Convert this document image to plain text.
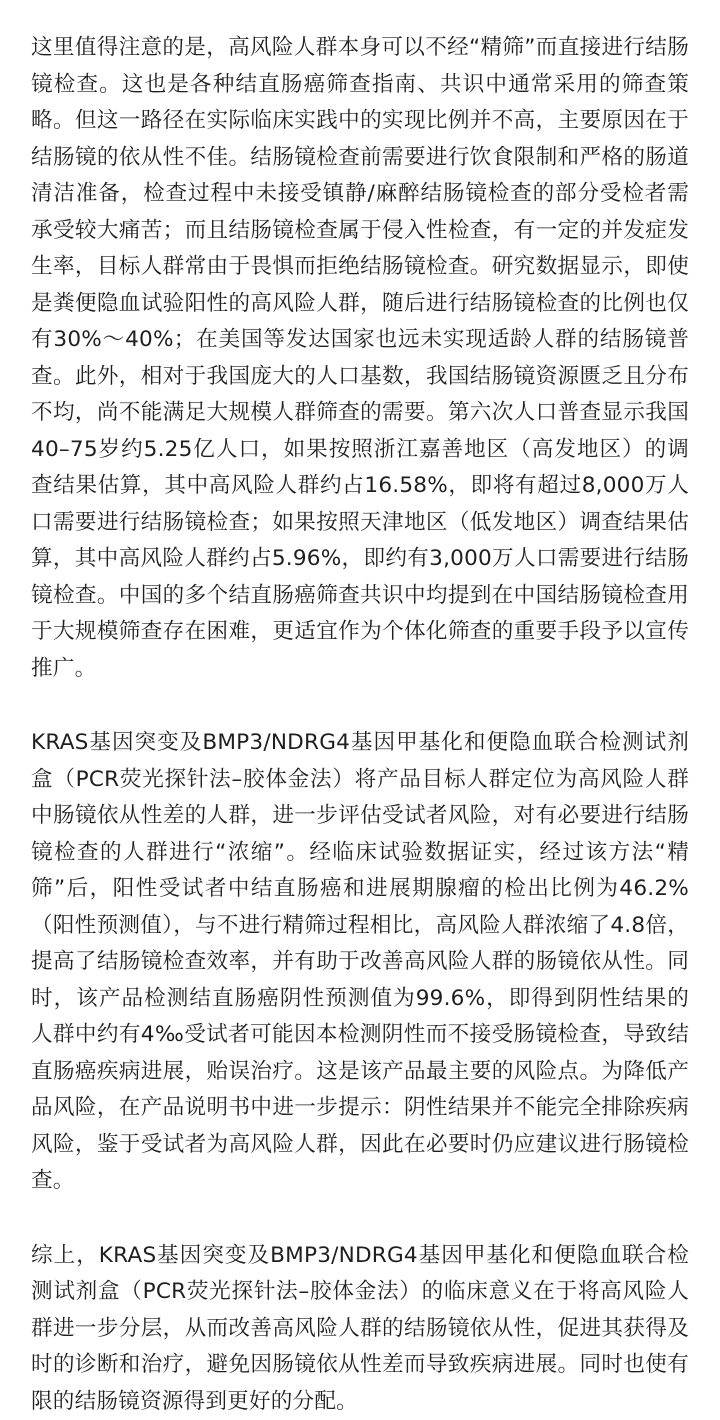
这里值得注意的是，高风险人群本身可以不经“精筛”而直接进行结肠镜检查。这也是各种结直肠癌筛查指南、共识中通常采用的筛查策略。但这一路径在实际临床实践中的实现比例并不高，主要原因在于结肠镜的依从性不佳。结肠镜检查前需要进行饮食限制和严格的肠道清洁准备，检查过程中未接受镇静/麻醉结肠镜检查的部分受检者需承受较大痛苦；而且结肠镜检查属于侵入性检查，有一定的并发症发生率，目标人群常由于畏惧而拒绝结肠镜检查。研究数据显示，即使是粪便隐血试验阳性的高风险人群，随后进行结肠镜检查的比例也仅有30%～40%；在美国等发达国家也远未实现适龄人群的结肠镜普查。此外，相对于我国庞大的人口基数，我国结肠镜资源匮乏且分布不均，尚不能满足大规模人群筛查的需要。第六次人口普查显示我国40–75岁约5.25亿人口，如果按照浙江嘉善地区（高发地区）的调查结果估算，其中高风险人群约占16.58%，即将有超过8,000万人口需要进行结肠镜检查；如果按照天津地区（低发地区）调查结果估算，其中高风险人群约占5.96%，即约有3,000万人口需要进行结肠镜检查。中国的多个结直肠癌筛查共识中均提到在中国结肠镜检查用于大规模筛查存在困难，更适宜作为个体化筛查的重要手段予以宣传推广。

KRAS基因突变及BMP3/NDRG4基因甲基化和便隐血联合检测试剂盒（PCR荧光探针法–胶体金法）将产品目标人群定位为高风险人群中肠镜依从性差的人群，进一步评估受试者风险，对有必要进行结肠镜检查的人群进行“浓缩”。经临床试验数据证实，经过该方法“精筛”后，阳性受试者中结直肠癌和进展期腺瘤的检出比例为46.2%（阳性预测值），与不进行精筛过程相比，高风险人群浓缩了4.8倍，提高了结肠镜检查效率，并有助于改善高风险人群的肠镜依从性。同时，该产品检测结直肠癌阴性预测值为99.6%，即得到阴性结果的人群中约有4‰受试者可能因本检测阴性而不接受肠镜检查，导致结直肠癌疾病进展，贻误治疗。这是该产品最主要的风险点。为降低产品风险，在产品说明书中进一步提示：阴性结果并不能完全排除疾病风险，鉴于受试者为高风险人群，因此在必要时仍应建议进行肠镜检查。

综上，KRAS基因突变及BMP3/NDRG4基因甲基化和便隐血联合检测试剂盒（PCR荧光探针法–胶体金法）的临床意义在于将高风险人群进一步分层，从而改善高风险人群的结肠镜依从性，促进其获得及时的诊断和治疗，避免因肠镜依从性差而导致疾病进展。同时也使有限的结肠镜资源得到更好的分配。
